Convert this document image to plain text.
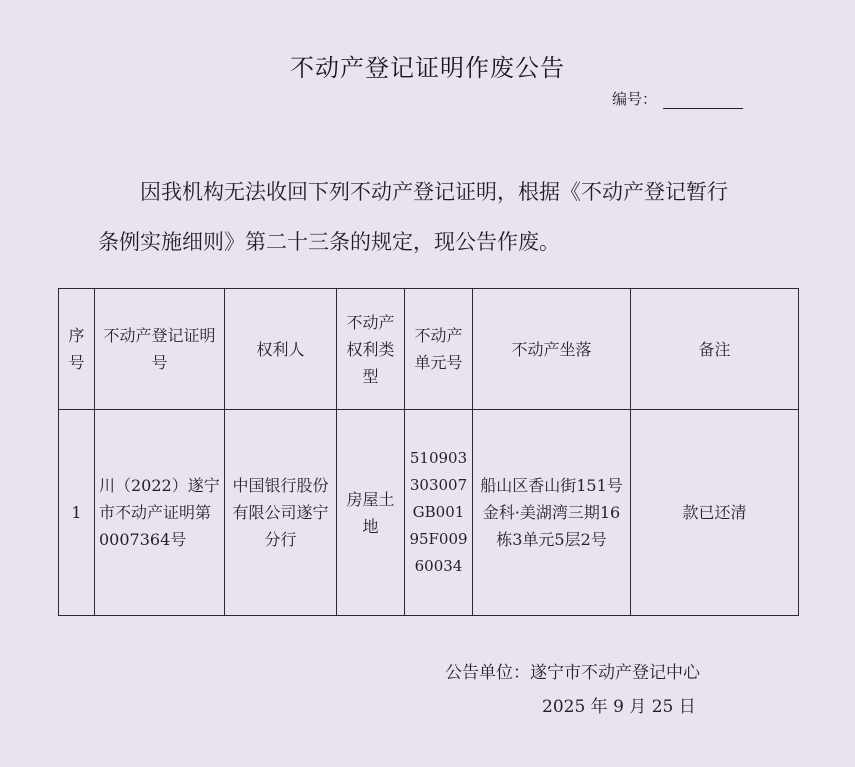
不动产登记证明作废公告
编号：
因我机构无法收回下列不动产登记证明，根据《不动产登记暂行
条例实施细则》第二十三条的规定，现公告作废。
序号	不动产登记证明号	权利人	不动产权利类型	不动产单元号	不动产坐落	备注
1	川（2022）遂宁市不动产证明第0007364号	中国银行股份有限公司遂宁分行	房屋土地	510903303007GB00195F00960034	船山区香山街151号金科·美湖湾三期16栋3单元5层2号	款已还清
公告单位：遂宁市不动产登记中心
2025 年 9 月 25 日
